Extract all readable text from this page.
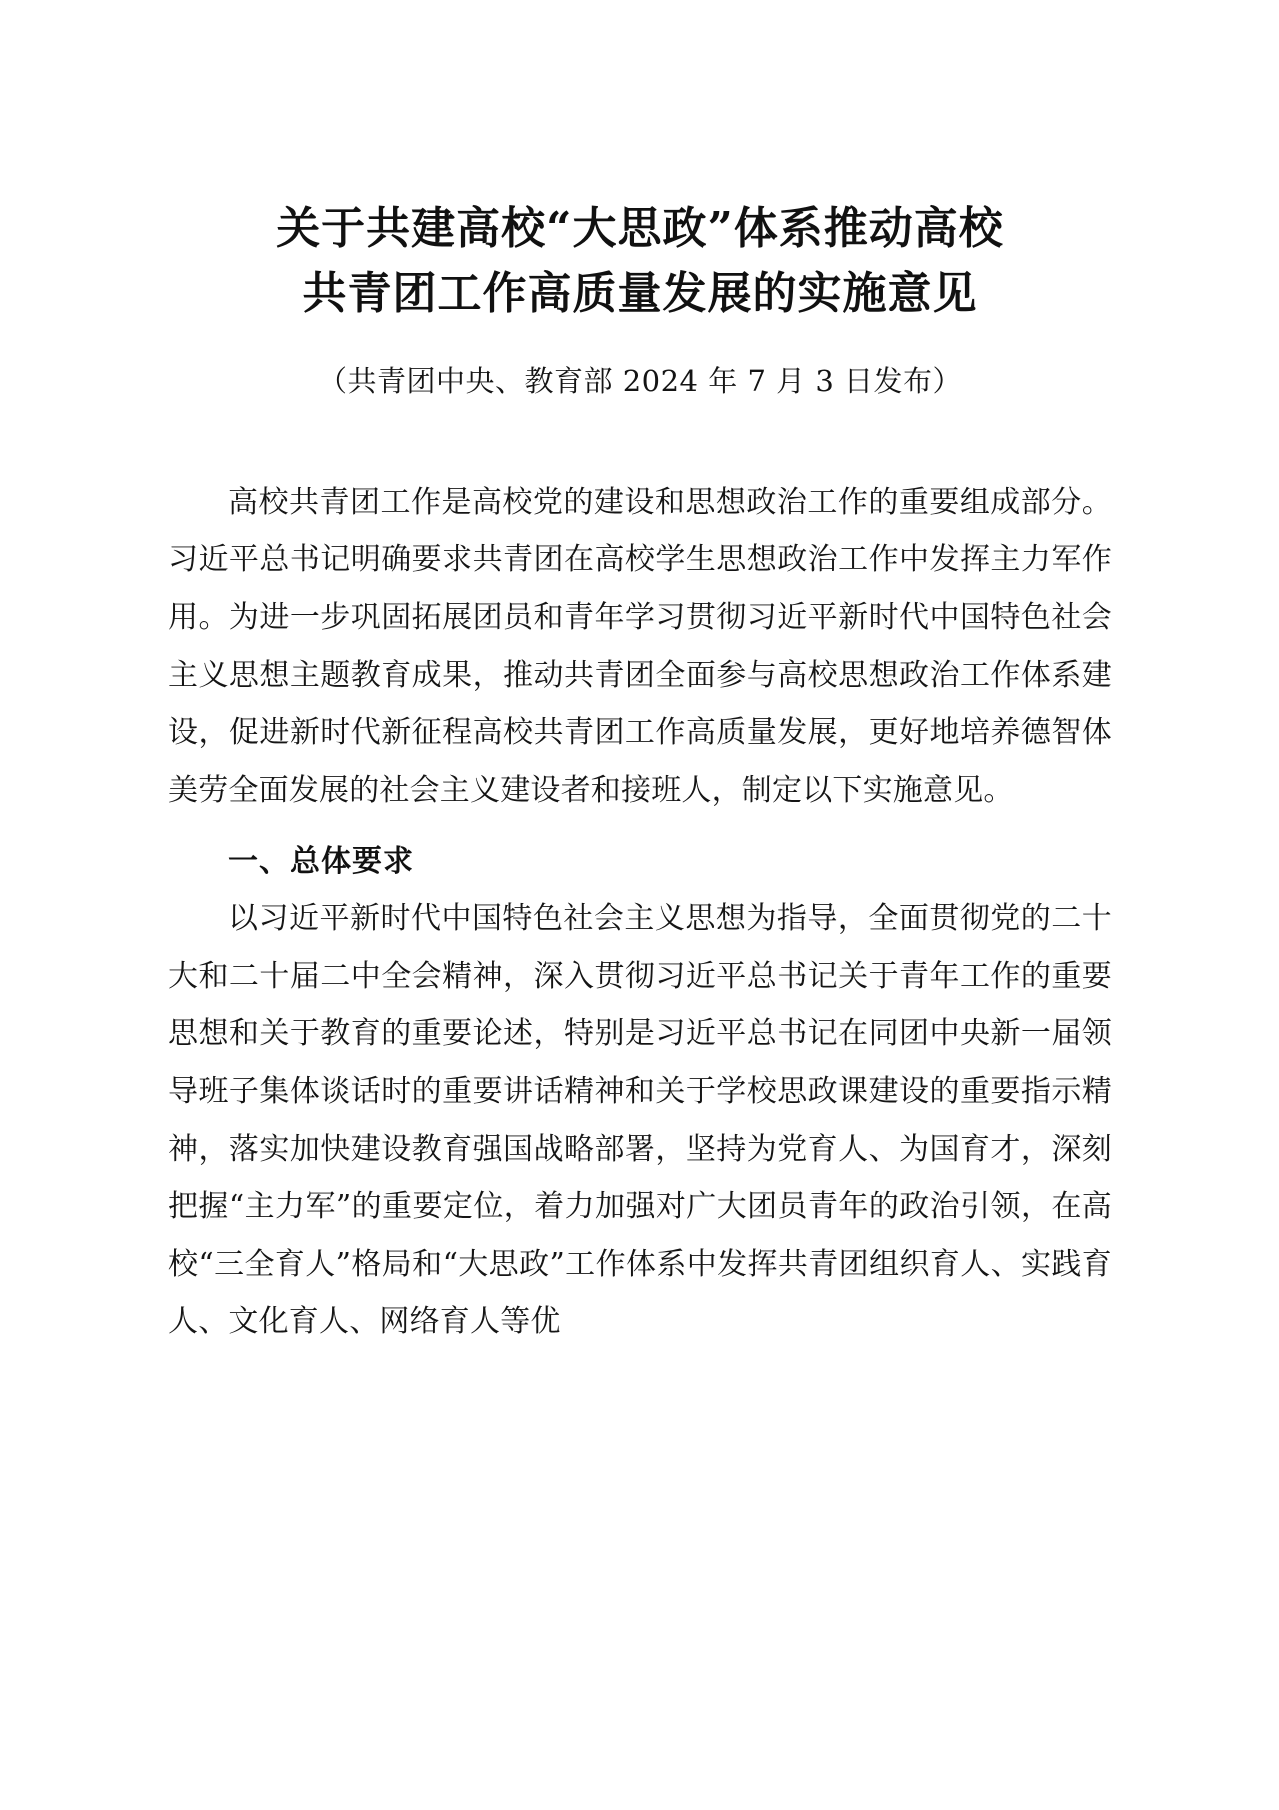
关于共建高校“大思政”体系推动高校
共青团工作高质量发展的实施意见
（共青团中央、教育部 2024 年 7 月 3 日发布）

高校共青团工作是高校党的建设和思想政治工作的重要组成部分。习近平总书记明确要求共青团在高校学生思想政治工作中发挥主力军作用。为进一步巩固拓展团员和青年学习贯彻习近平新时代中国特色社会主义思想主题教育成果，推动共青团全面参与高校思想政治工作体系建设，促进新时代新征程高校共青团工作高质量发展，更好地培养德智体美劳全面发展的社会主义建设者和接班人，制定以下实施意见。

一、总体要求

以习近平新时代中国特色社会主义思想为指导，全面贯彻党的二十大和二十届二中全会精神，深入贯彻习近平总书记关于青年工作的重要思想和关于教育的重要论述，特别是习近平总书记在同团中央新一届领导班子集体谈话时的重要讲话精神和关于学校思政课建设的重要指示精神，落实加快建设教育强国战略部署，坚持为党育人、为国育才，深刻把握“主力军”的重要定位，着力加强对广大团员青年的政治引领，在高校“三全育人”格局和“大思政”工作体系中发挥共青团组织育人、实践育人、文化育人、网络育人等优
